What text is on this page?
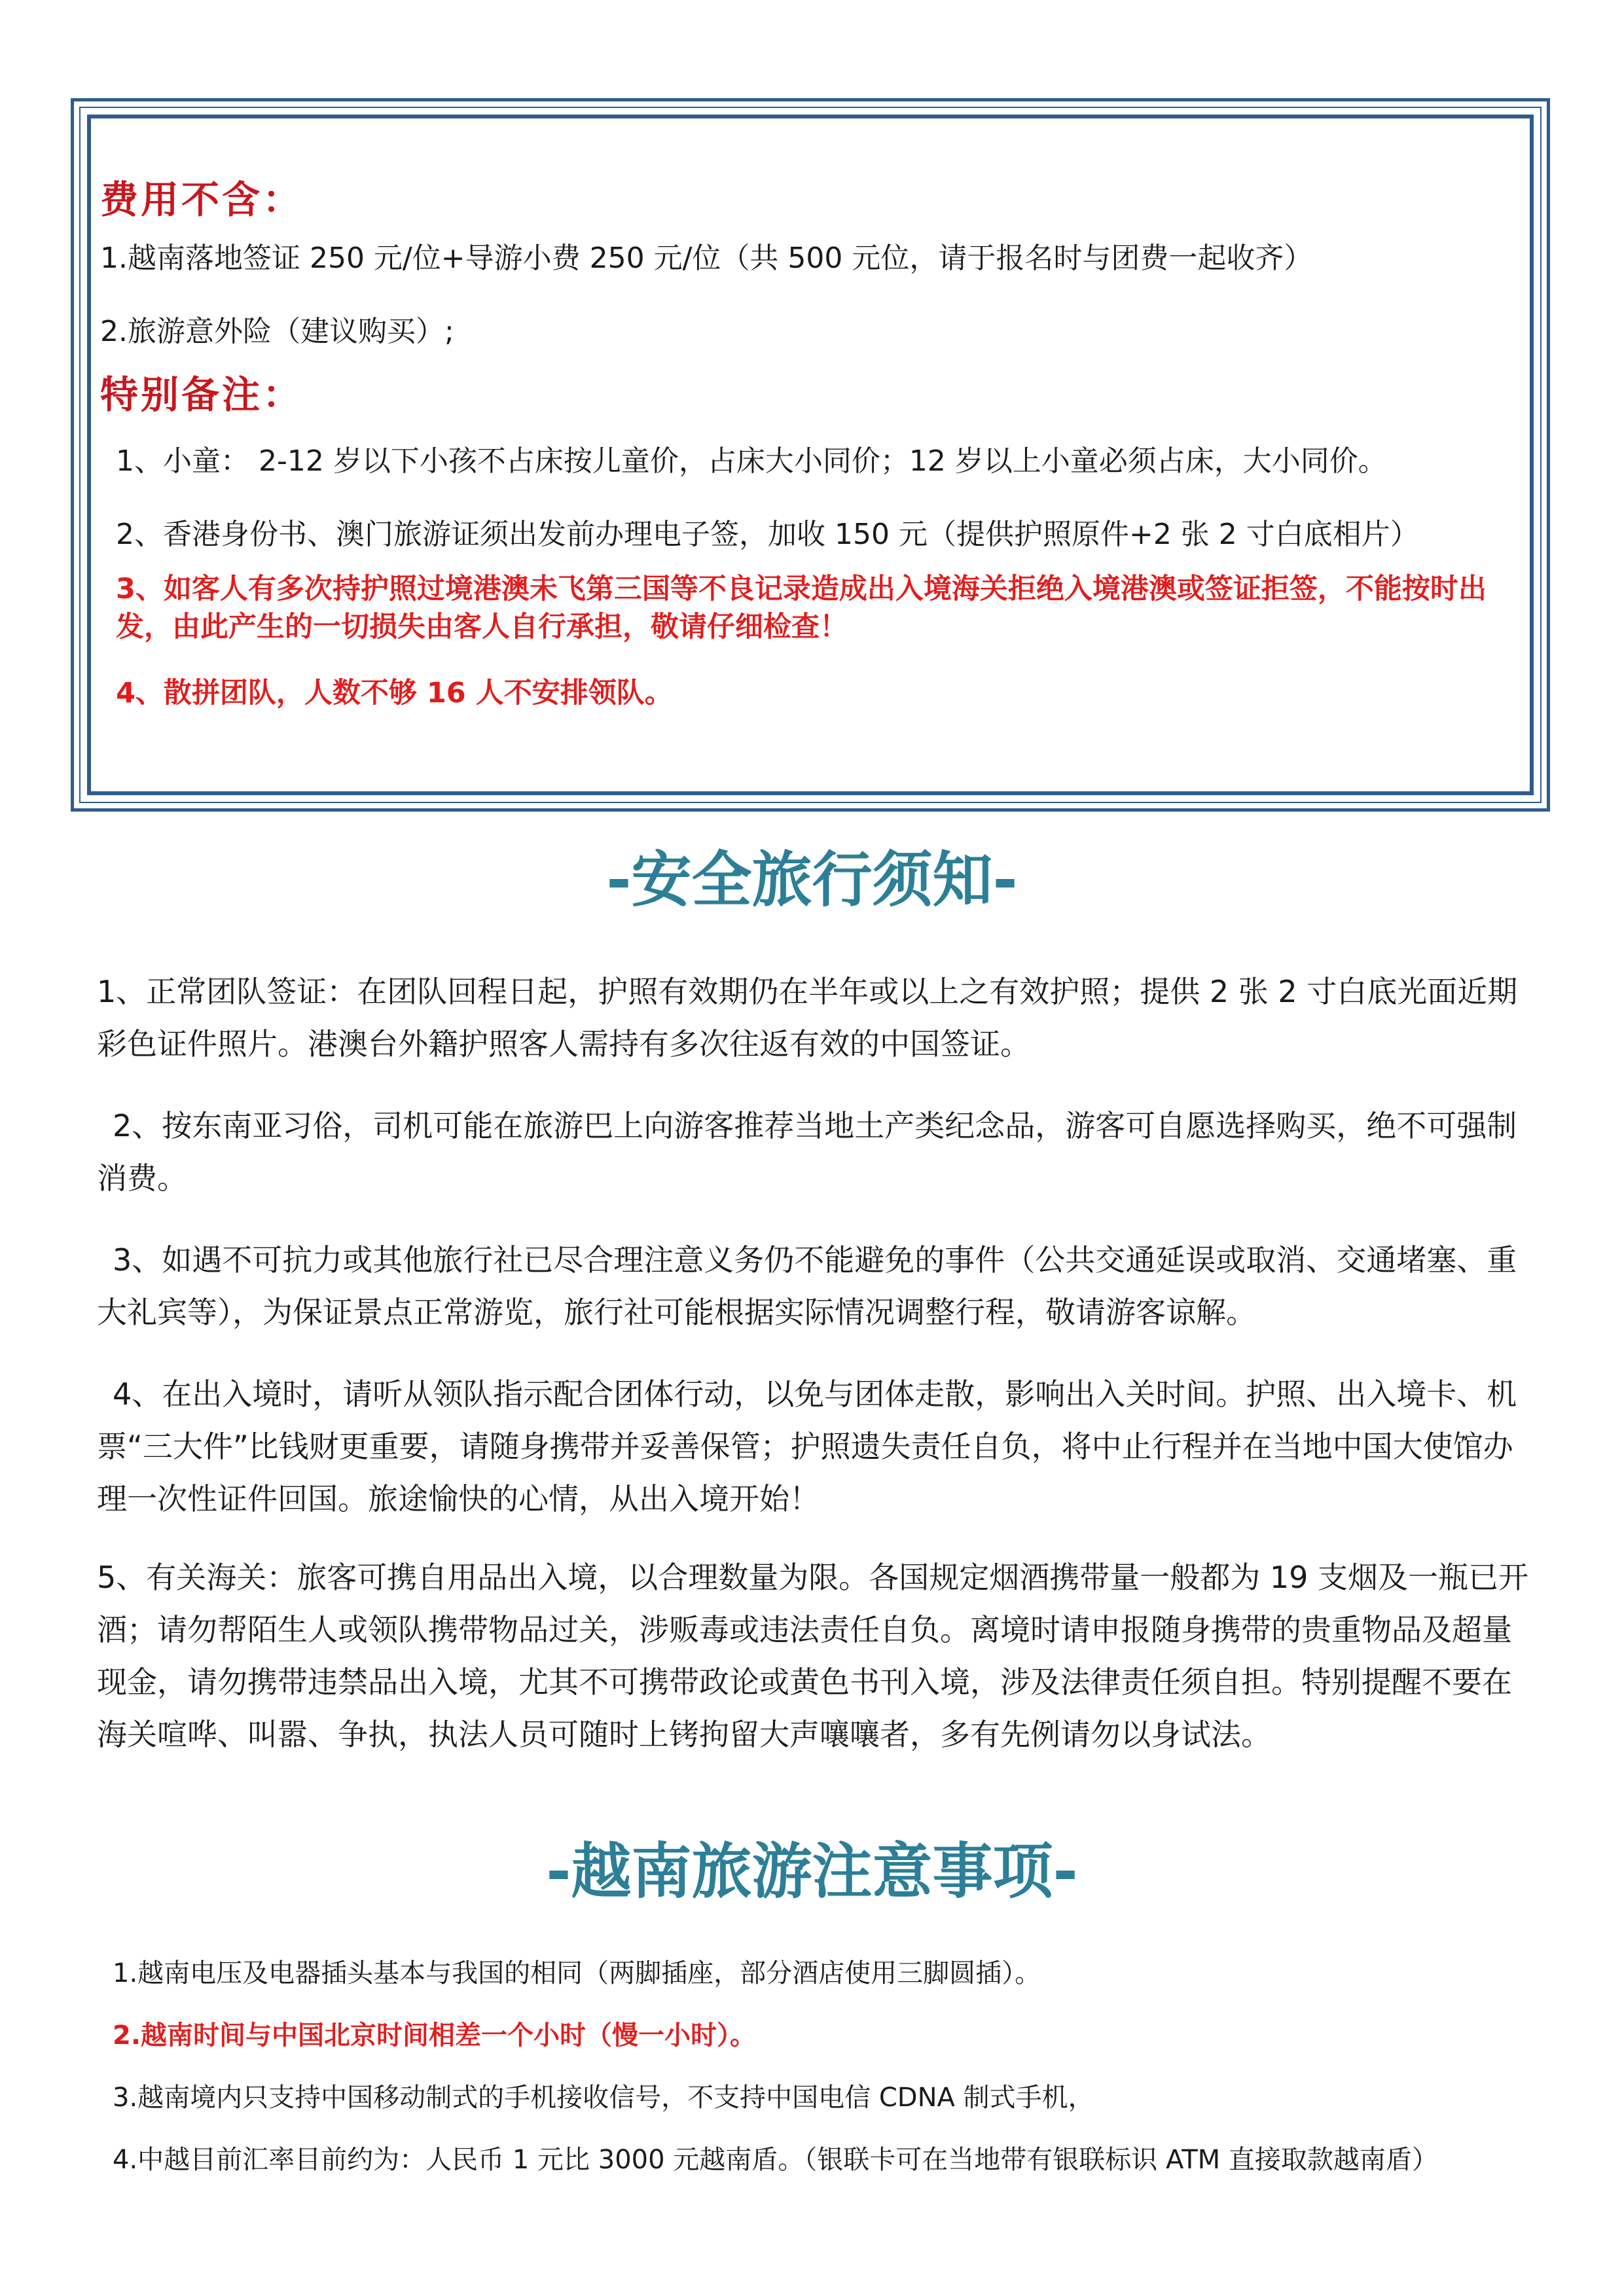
费用不含：

1.越南落地签证 250 元/位+导游小费 250 元/位（共 500 元位，请于报名时与团费一起收齐）

2.旅游意外险（建议购买）;

特别备注：

1、小童： 2-12 岁以下小孩不占床按儿童价，占床大小同价；12 岁以上小童必须占床，大小同价。

2、香港身份书、澳门旅游证须出发前办理电子签，加收 150 元（提供护照原件+2 张 2 寸白底相片）

3、如客人有多次持护照过境港澳未飞第三国等不良记录造成出入境海关拒绝入境港澳或签证拒签，不能按时出发，由此产生的一切损失由客人自行承担，敬请仔细检查！

4、散拼团队，人数不够 16 人不安排领队。

-安全旅行须知-

1、正常团队签证：在团队回程日起，护照有效期仍在半年或以上之有效护照；提供 2 张 2 寸白底光面近期彩色证件照片。港澳台外籍护照客人需持有多次往返有效的中国签证。

2、按东南亚习俗，司机可能在旅游巴上向游客推荐当地土产类纪念品，游客可自愿选择购买，绝不可强制消费。

3、如遇不可抗力或其他旅行社已尽合理注意义务仍不能避免的事件（公共交通延误或取消、交通堵塞、重大礼宾等），为保证景点正常游览，旅行社可能根据实际情况调整行程，敬请游客谅解。

4、在出入境时，请听从领队指示配合团体行动，以免与团体走散，影响出入关时间。护照、出入境卡、机票“三大件”比钱财更重要，请随身携带并妥善保管；护照遗失责任自负，将中止行程并在当地中国大使馆办理一次性证件回国。旅途愉快的心情，从出入境开始！

5、有关海关：旅客可携自用品出入境，以合理数量为限。各国规定烟酒携带量一般都为 19 支烟及一瓶已开酒；请勿帮陌生人或领队携带物品过关，涉贩毒或违法责任自负。离境时请申报随身携带的贵重物品及超量现金，请勿携带违禁品出入境，尤其不可携带政论或黄色书刊入境，涉及法律责任须自担。特别提醒不要在海关喧哗、叫嚣、争执，执法人员可随时上铐拘留大声嚷嚷者，多有先例请勿以身试法。

-越南旅游注意事项-

1.越南电压及电器插头基本与我国的相同（两脚插座，部分酒店使用三脚圆插）。

2.越南时间与中国北京时间相差一个小时（慢一小时）。

3.越南境内只支持中国移动制式的手机接收信号，不支持中国电信 CDNA 制式手机，

4.中越目前汇率目前约为：人民币 1 元比 3000 元越南盾。（银联卡可在当地带有银联标识 ATM 直接取款越南盾）
